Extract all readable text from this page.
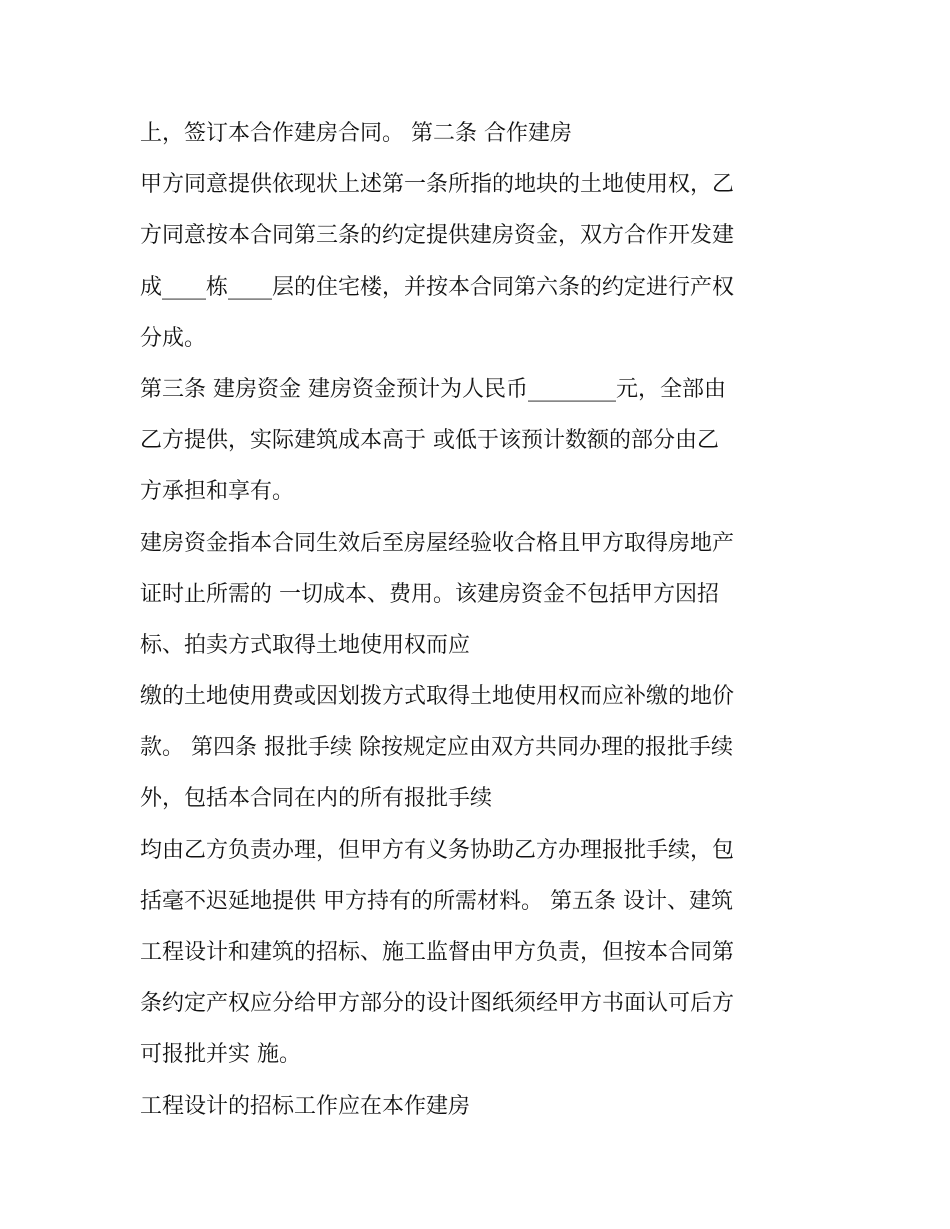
上，签订本合作建房合同。 第二条 合作建房
甲方同意提供依现状上述第一条所指的地块的土地使用权，乙
方同意按本合同第三条的约定提供建房资金，双方合作开发建
成____栋____层的住宅楼，并按本合同第六条的约定进行产权
分成。
第三条 建房资金 建房资金预计为人民币________元，全部由
乙方提供，实际建筑成本高于 或低于该预计数额的部分由乙
方承担和享有。
建房资金指本合同生效后至房屋经验收合格且甲方取得房地产
证时止所需的 一切成本、费用。该建房资金不包括甲方因招
标、拍卖方式取得土地使用权而应
缴的土地使用费或因划拨方式取得土地使用权而应补缴的地价
款。 第四条 报批手续 除按规定应由双方共同办理的报批手续
外，包括本合同在内的所有报批手续
均由乙方负责办理，但甲方有义务协助乙方办理报批手续，包
括毫不迟延地提供 甲方持有的所需材料。 第五条 设计、建筑
工程设计和建筑的招标、施工监督由甲方负责，但按本合同第
条约定产权应分给甲方部分的设计图纸须经甲方书面认可后方
可报批并实 施。
工程设计的招标工作应在本作建房
